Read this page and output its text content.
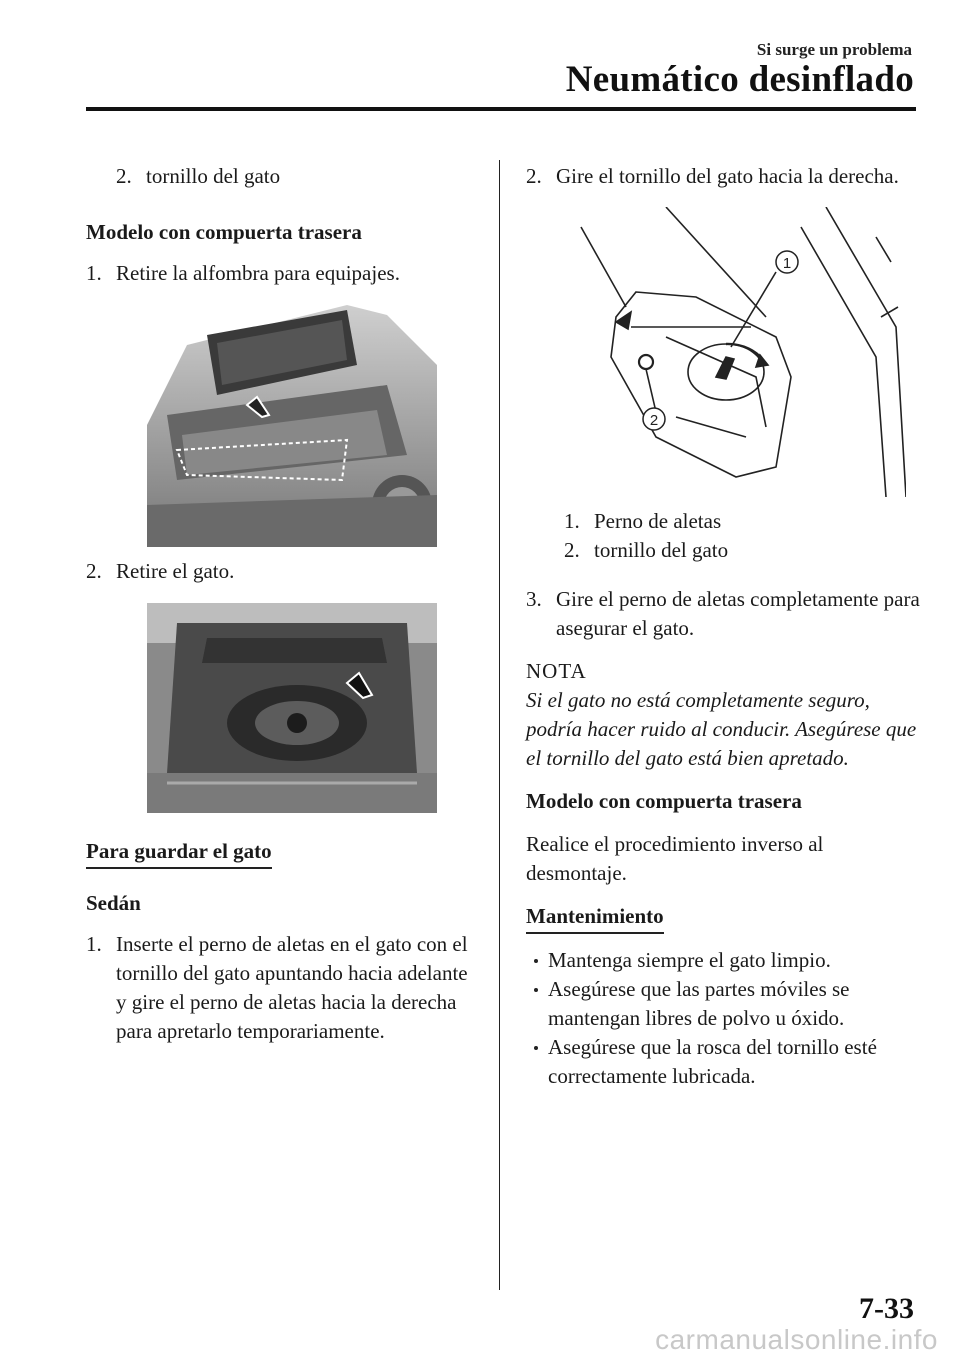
Si surge un problema
Neumático desinflado

2. tornillo del gato

Modelo con compuerta trasera

1. Retire la alfombra para equipajes.

2. Retire el gato.

Para guardar el gato

Sedán

1. Inserte el perno de aletas en el gato con el tornillo del gato apuntando hacia adelante y gire el perno de aletas hacia la derecha para apretarlo temporariamente.

2. Gire el tornillo del gato hacia la derecha.

1
2

1. Perno de aletas

2. tornillo del gato

3. Gire el perno de aletas completamente para asegurar el gato.

NOTA

Si el gato no está completamente seguro, podría hacer ruido al conducir. Asegúrese que el tornillo del gato está bien apretado.

Modelo con compuerta trasera

Realice el procedimiento inverso al desmontaje.

Mantenimiento

Mantenga siempre el gato limpio.

Asegúrese que las partes móviles se mantengan libres de polvo u óxido.

Asegúrese que la rosca del tornillo esté correctamente lubricada.

7-33
carmanualsonline.info
